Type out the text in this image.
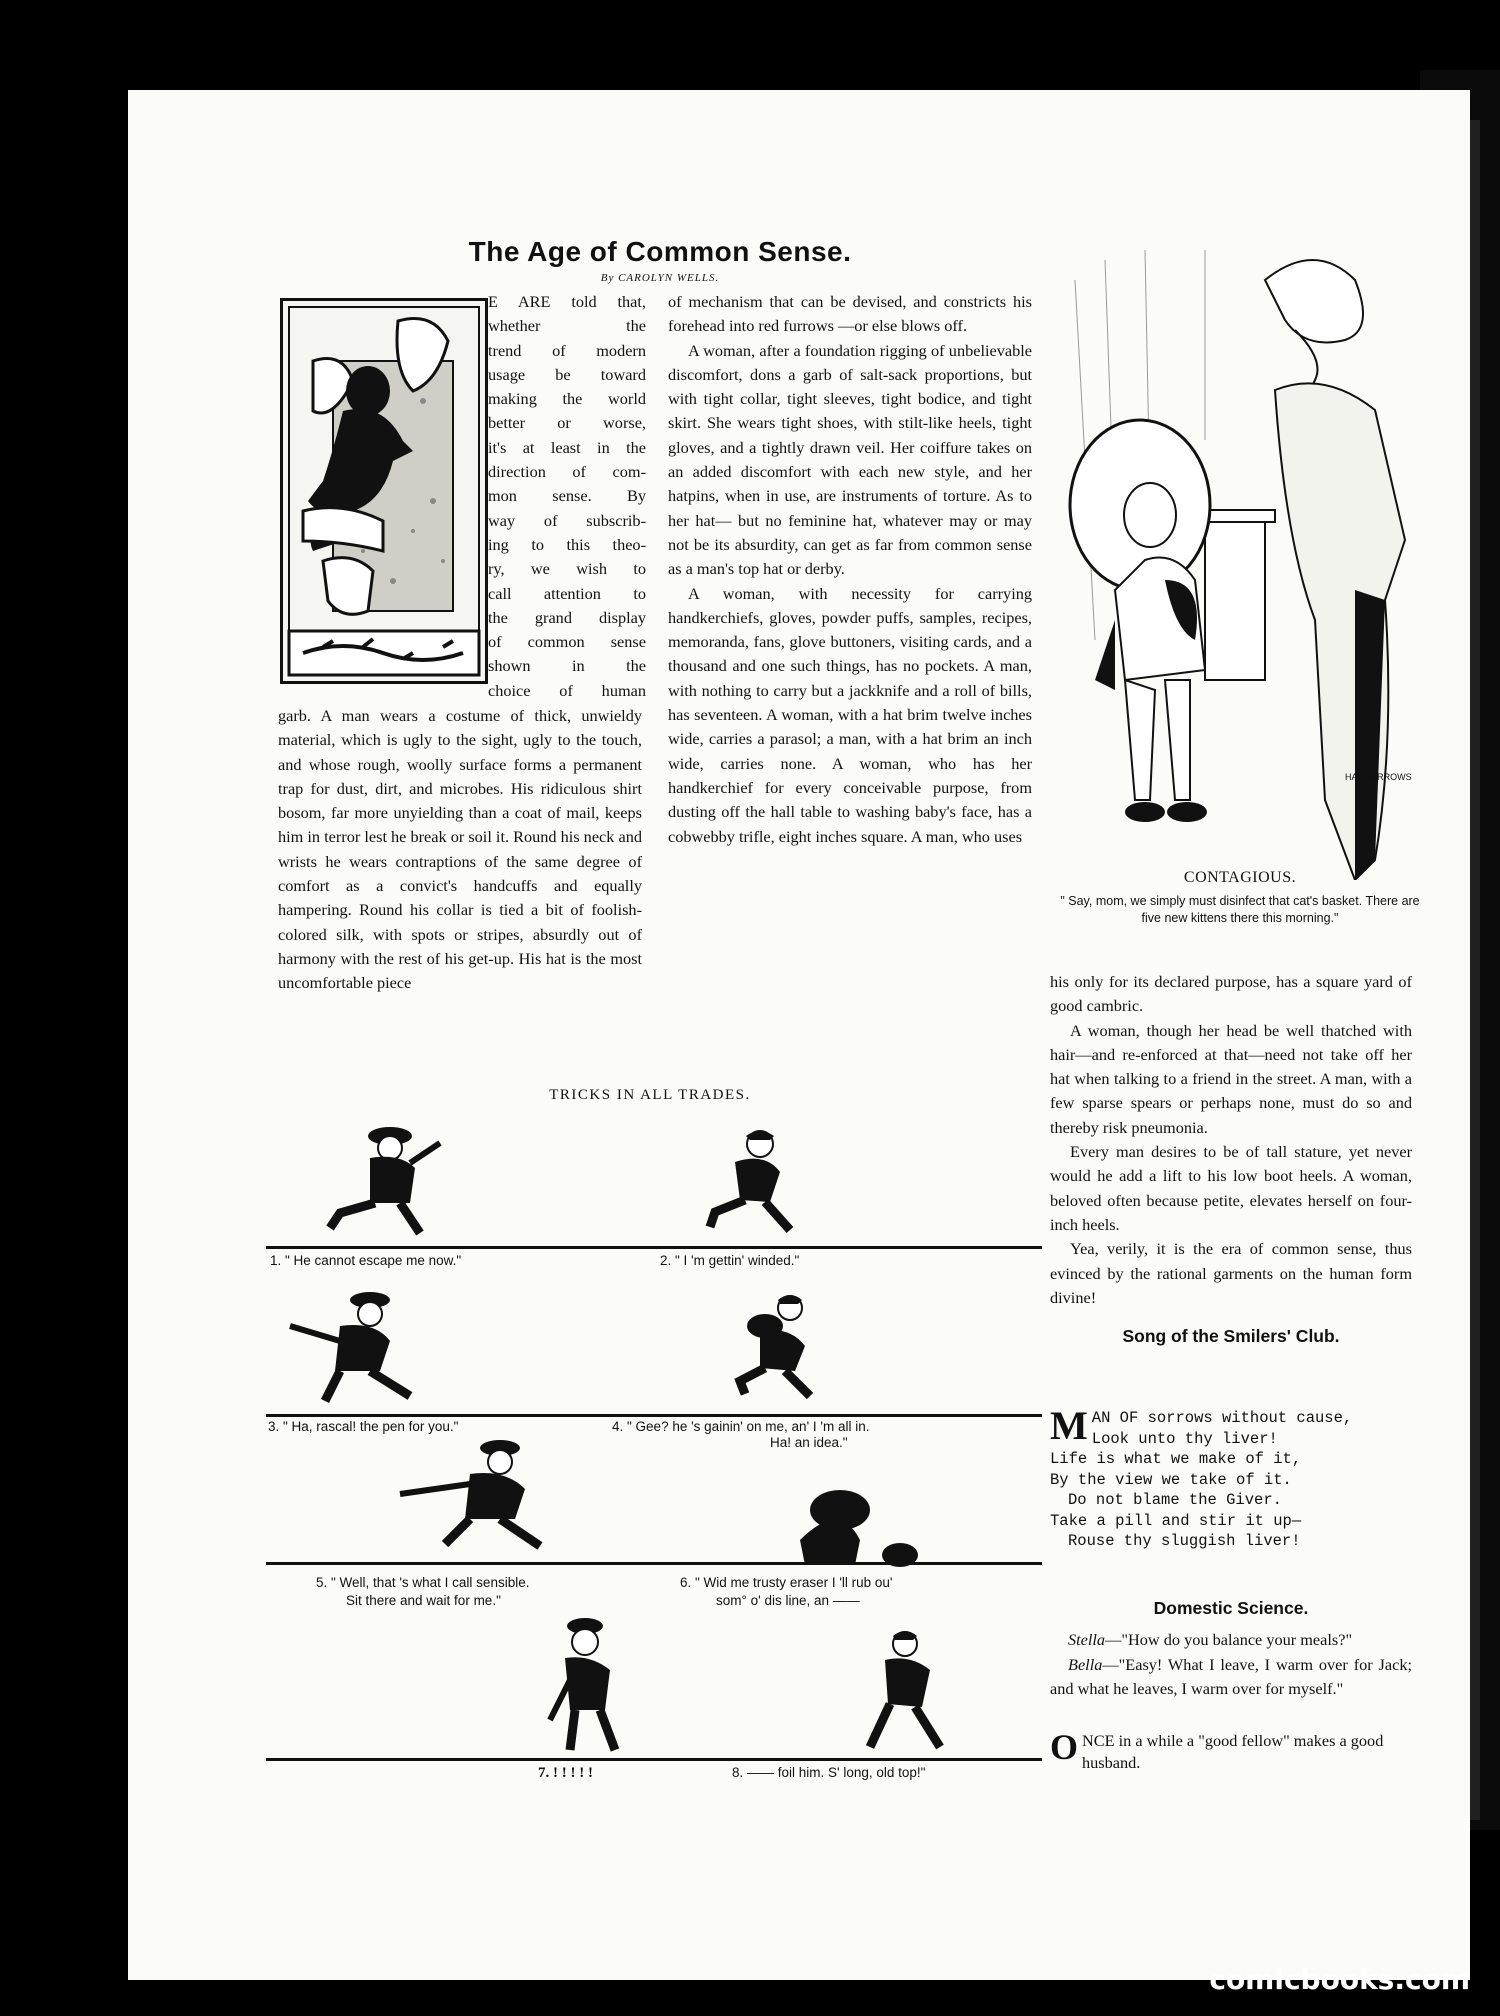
The Age of Common Sense.
By CAROLYN WELLS.
E ARE told that,
whether the
trend of modern
usage be toward
making the world
better or worse,
it's at least in the
direction of com-
mon sense. By
way of subscrib-
ing to this theo-
ry, we wish to
call attention to
the grand display
of common sense
shown in the
choice of human

garb. A man wears a costume of thick, unwieldy material, which is ugly to the sight, ugly to the touch, and whose rough, woolly surface forms a permanent trap for dust, dirt, and microbes. His ridiculous shirt bosom, far more unyielding than a coat of mail, keeps him in terror lest he break or soil it. Round his neck and wrists he wears contraptions of the same degree of comfort as a convict's handcuffs and equally hampering. Round his collar is tied a bit of foolish-colored silk, with spots or stripes, absurdly out of harmony with the rest of his get-up. His hat is the most uncomfortable piece

of mechanism that can be devised, and constricts his forehead into red furrows —or else blows off.

A woman, after a foundation rigging of unbelievable discomfort, dons a garb of salt-sack proportions, but with tight collar, tight sleeves, tight bodice, and tight skirt. She wears tight shoes, with stilt-like heels, tight gloves, and a tightly drawn veil. Her coiffure takes on an added discomfort with each new style, and her hatpins, when in use, are instruments of torture. As to her hat— but no feminine hat, whatever may or may not be its absurdity, can get as far from common sense as a man's top hat or derby.

A woman, with necessity for carrying handkerchiefs, gloves, powder puffs, samples, recipes, memoranda, fans, glove buttoners, visiting cards, and a thousand and one such things, has no pockets. A man, with nothing to carry but a jackknife and a roll of bills, has seventeen. A woman, with a hat brim twelve inches wide, carries a parasol; a man, with a hat brim an inch wide, carries none. A woman, who has her handkerchief for every conceivable purpose, from dusting off the hall table to washing baby's face, has a cobwebby trifle, eight inches square. A man, who uses

HAL BURROWS
CONTAGIOUS.
" Say, mom, we simply must disinfect that cat's basket. There are five new kittens there this morning."

his only for its declared purpose, has a square yard of good cambric.

A woman, though her head be well thatched with hair—and re-enforced at that—need not take off her hat when talking to a friend in the street. A man, with a few sparse spears or perhaps none, must do so and thereby risk pneumonia.

Every man desires to be of tall stature, yet never would he add a lift to his low boot heels. A woman, beloved often because petite, elevates herself on four-inch heels.

Yea, verily, it is the era of common sense, thus evinced by the rational garments on the human form divine!

Song of the Smilers' Club.
M AN OF sorrows without cause,
Look unto thy liver!
Life is what we make of it,
By the view we take of it.
Do not blame the Giver.
Take a pill and stir it up—
Rouse thy sluggish liver!
Domestic Science.

Stella—"How do you balance your meals?"

Bella—"Easy! What I leave, I warm over for Jack; and what he leaves, I warm over for myself."

O NCE in a while a "good fellow" makes a good husband.
TRICKS IN ALL TRADES.
1. " He cannot escape me now."	2. " I 'm gettin' winded."
3. " Ha, rascal! the pen for you."	4. " Gee? he 's gainin' on me, an' I 'm all in.
Ha! an idea."
5. " Well, that 's what I call sensible.
Sit there and wait for me."
6. " Wid me trusty eraser I 'll rub ou'
som° o' dis line, an ——
7. ! ! ! ! !	8. —— foil him. S' long, old top!"
comicbooks.com
